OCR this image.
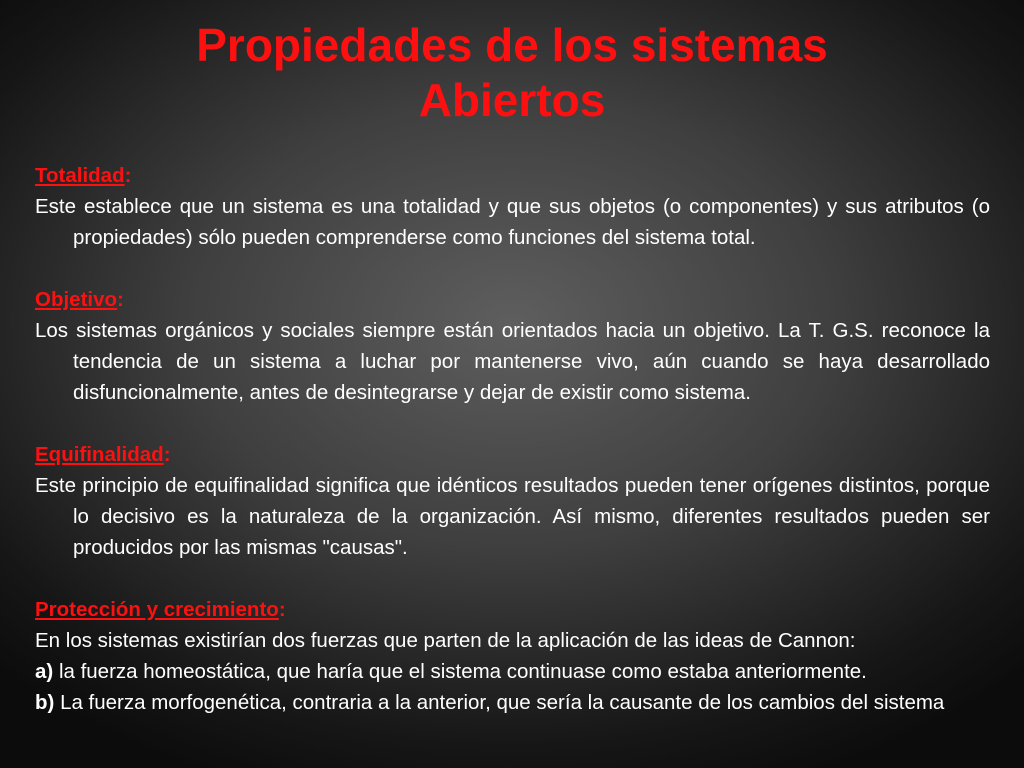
Propiedades de los sistemas
Abiertos
Totalidad:
Este establece que un sistema es una totalidad y que sus objetos (o componentes) y sus atributos (o propiedades) sólo pueden comprenderse como funciones del sistema total.
Objetivo:
Los sistemas orgánicos y sociales siempre están orientados hacia un objetivo. La T. G.S. reconoce la tendencia de un sistema a luchar por mantenerse vivo, aún cuando se haya desarrollado disfuncionalmente, antes de desintegrarse y dejar de existir como sistema.
Equifinalidad:
Este principio de equifinalidad significa que idénticos resultados pueden tener orígenes distintos, porque lo decisivo es la naturaleza de la organización. Así mismo, diferentes resultados pueden ser producidos por las mismas "causas".
Protección y crecimiento:
En los sistemas existirían dos fuerzas que parten de la aplicación de las ideas de Cannon:
a) la fuerza homeostática, que haría que el sistema continuase como estaba anteriormente.
b) La fuerza morfogenética, contraria a la anterior, que sería la causante de los cambios del sistema
